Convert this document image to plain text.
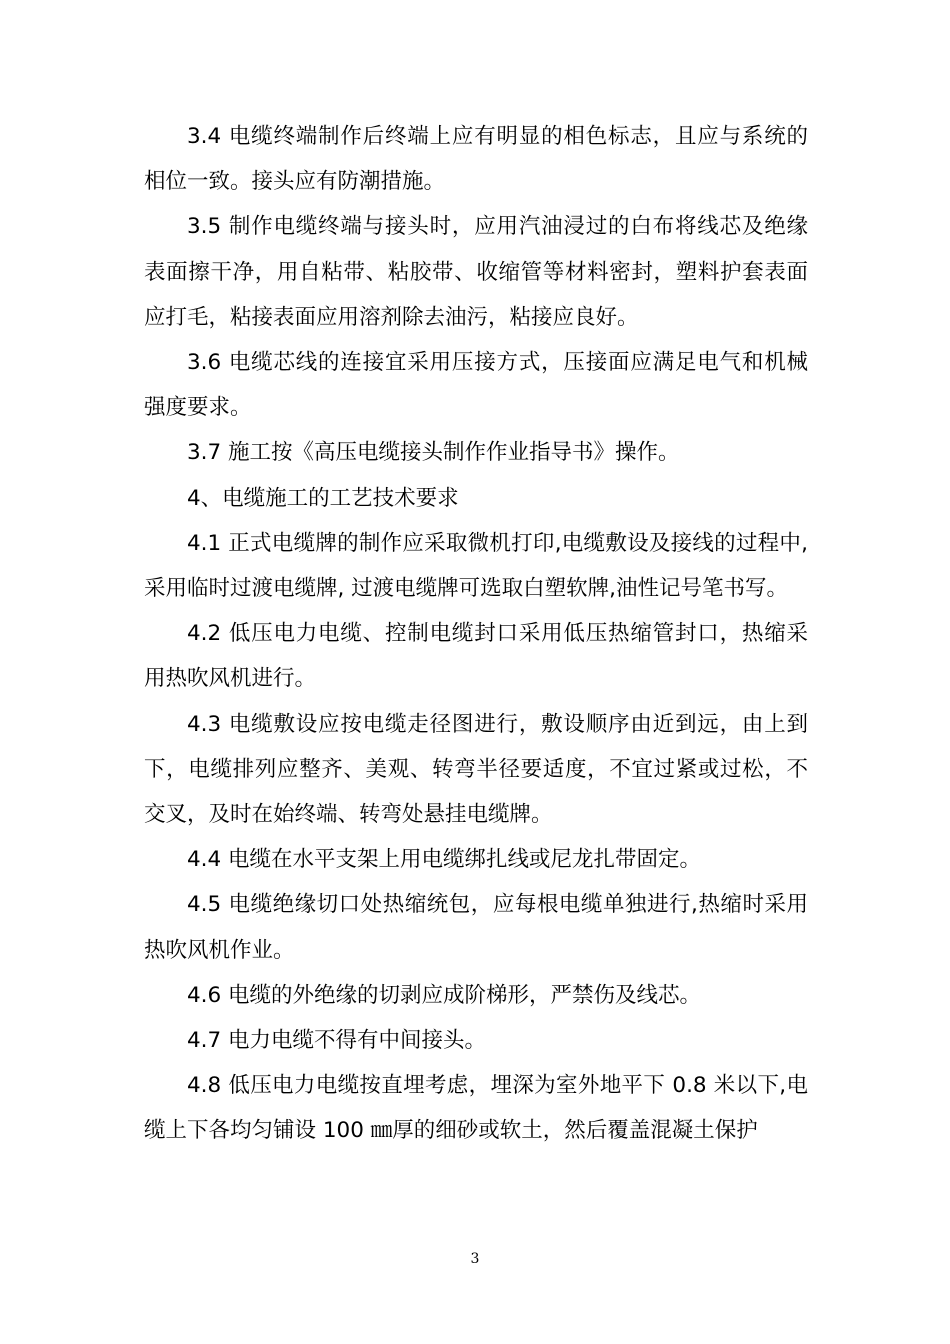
3.4 电缆终端制作后终端上应有明显的相色标志，且应与系统的相位一致。接头应有防潮措施。

3.5 制作电缆终端与接头时，应用汽油浸过的白布将线芯及绝缘表面擦干净，用自粘带、粘胶带、收缩管等材料密封，塑料护套表面应打毛，粘接表面应用溶剂除去油污，粘接应良好。

3.6 电缆芯线的连接宜采用压接方式，压接面应满足电气和机械强度要求。

3.7 施工按《高压电缆接头制作作业指导书》操作。

4、电缆施工的工艺技术要求

4.1 正式电缆牌的制作应采取微机打印,电缆敷设及接线的过程中,采用临时过渡电缆牌, 过渡电缆牌可选取白塑软牌,油性记号笔书写。

4.2 低压电力电缆、控制电缆封口采用低压热缩管封口，热缩采用热吹风机进行。

4.3 电缆敷设应按电缆走径图进行，敷设顺序由近到远，由上到下，电缆排列应整齐、美观、转弯半径要适度，不宜过紧或过松，不交叉，及时在始终端、转弯处悬挂电缆牌。

4.4 电缆在水平支架上用电缆绑扎线或尼龙扎带固定。

4.5 电缆绝缘切口处热缩统包，应每根电缆单独进行,热缩时采用热吹风机作业。

4.6 电缆的外绝缘的切剥应成阶梯形，严禁伤及线芯。

4.7 电力电缆不得有中间接头。

4.8 低压电力电缆按直埋考虑，埋深为室外地平下 0.8 米以下,电缆上下各均匀铺设 100 ㎜厚的细砂或软土，然后覆盖混凝土保护

3
